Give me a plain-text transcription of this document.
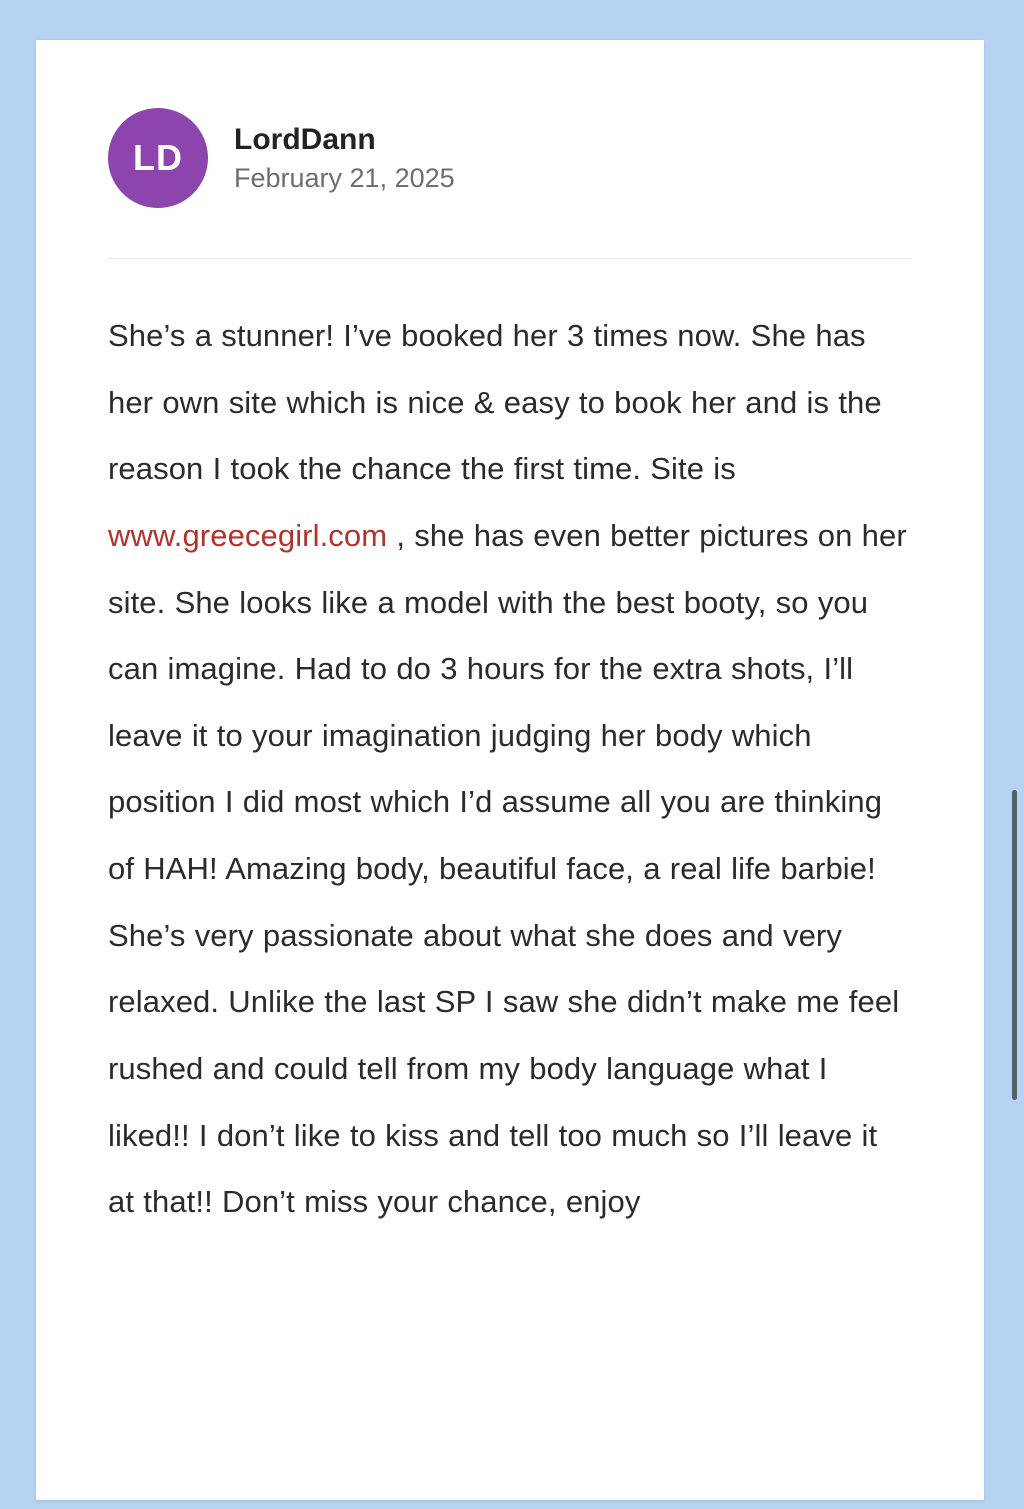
LD	LordDann
February 21, 2025
She’s a stunner! I’ve booked her 3 times now. She has her own site which is nice & easy to book her and is the reason I took the chance the first time. Site is www.greecegirl.com , she has even better pictures on her site. She looks like a model with the best booty, so you can imagine. Had to do 3 hours for the extra shots, I’ll leave it to your imagination judging her body which position I did most which I’d assume all you are thinking of HAH! Amazing body, beautiful face, a real life barbie! She’s very passionate about what she does and very relaxed. Unlike the last SP I saw she didn’t make me feel rushed and could tell from my body language what I liked!! I don’t like to kiss and tell too much so I’ll leave it at that!! Don’t miss your chance, enjoy
